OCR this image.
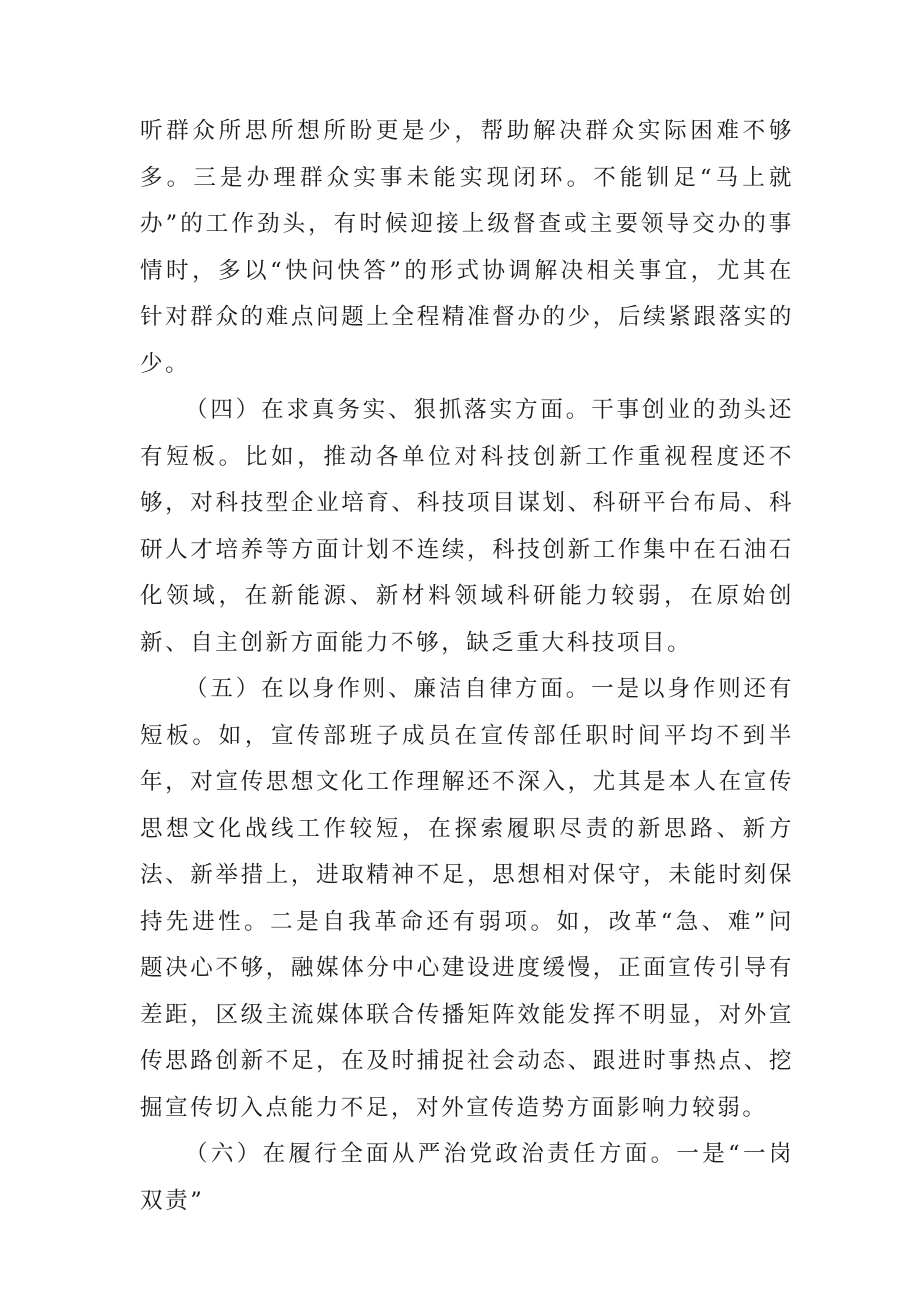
听群众所思所想所盼更是少，帮助解决群众实际困难不够多。三是办理群众实事未能实现闭环。不能钏足“马上就办”的工作劲头，有时候迎接上级督查或主要领导交办的事情时，多以“快问快答”的形式协调解决相关事宜，尤其在针对群众的难点问题上全程精准督办的少，后续紧跟落实的少。

（四）在求真务实、狠抓落实方面。干事创业的劲头还有短板。比如，推动各单位对科技创新工作重视程度还不够，对科技型企业培育、科技项目谋划、科研平台布局、科研人才培养等方面计划不连续，科技创新工作集中在石油石化领域，在新能源、新材料领域科研能力较弱，在原始创新、自主创新方面能力不够，缺乏重大科技项目。

（五）在以身作则、廉洁自律方面。一是以身作则还有短板。如，宣传部班子成员在宣传部任职时间平均不到半年，对宣传思想文化工作理解还不深入，尤其是本人在宣传思想文化战线工作较短，在探索履职尽责的新思路、新方法、新举措上，进取精神不足，思想相对保守，未能时刻保持先进性。二是自我革命还有弱项。如，改革“急、难”问题决心不够，融媒体分中心建设进度缓慢，正面宣传引导有差距，区级主流媒体联合传播矩阵效能发挥不明显，对外宣传思路创新不足，在及时捕捉社会动态、跟进时事热点、挖掘宣传切入点能力不足，对外宣传造势方面影响力较弱。

（六）在履行全面从严治党政治责任方面。一是“一岗双责”
